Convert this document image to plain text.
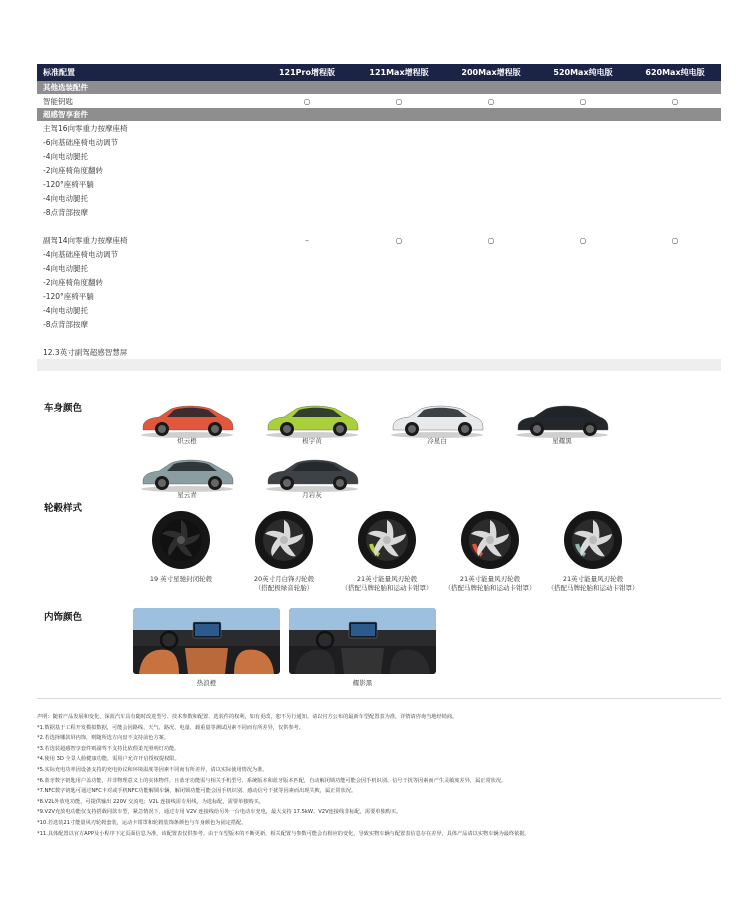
标准配置	121Pro增程版	121Max增程版	200Max增程版	520Max纯电版	620Max纯电版
其他选装配件
智能钥匙	○	○	○	○	○
超感智享套件
主驾16向零重力按摩座椅
-6向基础座椅电动调节
-4向电动腿托
-2向座椅角度翻转
-120°座椅平躺
-4向电动腿托
-8点背部按摩
副驾14向零重力按摩座椅	–	○	○	○	○
-4向基础座椅电动调节
-4向电动腿托
-2向座椅角度翻转
-120°座椅平躺
-4向电动腿托
-8点背部按摩
12.3英寸副驾超感智慧屏
车身颜色
炽云橙	极宇黄	冷星白	星耀黑
星云青	月岩灰
轮毂样式
19 英寸星驰封闭轮毂	20英寸月白锋刃轮毂
（搭配极绿音轮胎）
21英寸能量风刃轮毂
（搭配马牌轮胎和运动卡钳罩）
21英寸能量风刃轮毂
（搭配马牌轮胎和运动卡钳罩）
21英寸能量风刃轮毂
（搭配马牌轮胎和运动卡钳罩）
内饰颜色
热浪橙	耀影黑
声明：随着产品发展和变化，深蓝汽车具有随时改进型号、技术参数和配置、选装件的权利，如有更改，恕不另行通知。请以官方公布的最新车型配置表为准，详情请咨询当地经销商。
*1.数据基于工程开发模拟数据，可能会因路线、天气、路况、电量、载重量等测试因素不同而有所差异，仅供参考。
*2.若选择哪款屏内饰，则随所选方向盘不支持前色方案。
*3.若选装超感智享套件则副驾不支持比依偎柔光照明灯功能。
*4.使用 3D 全景人脸健康功能，需用户允许开启授权提权限。
*5.实际充电功率因设备支持的充电协议和环境温度等因素不同而有所差异，请以实际使用情况为准。
*6.蓝牙数字钥匙用户盖功能，并非物理意义上的实体物件，且蓝牙功能需与相关手机型号、系统版本和蓝牙版本匹配，自动解闭锁功能可能会因手机识别、信号干扰等因素而产生灵敏度差异，属正常状况。
*7.NFC数字钥匙可通过NFC卡对或手机NFC功能解锁车辆，解闭锁功能可能会因手机识别、感动信号干扰等因素而出现失败，属正常状况。
*8.V2L外放电功能，可提供输出 220V 交流电；V2L 连接线需专用线，为选标配，需要单独购买。
*9.V2V充放电功能仅支持搭载同款车型，紧急情况下，通过专用 V2V 连接线给另外一台电动车充电，最大支持 17.5kW。V2V连接线非标配，需要单独购买。
*10.若选装21寸能量风刃轮毂套装，运动卡钳罩和轮毂装饰条颜色与车身颜色为固定搭配。
*11.具体配置以官方APP及小程序下定页面信息为准，该配置表仅供参考。由于车型版本的不断更新，相关配置与参数可能会有相应的变化，导致实物车辆与配置表信息存在差异，具体产品请以实物车辆为最终依据。
